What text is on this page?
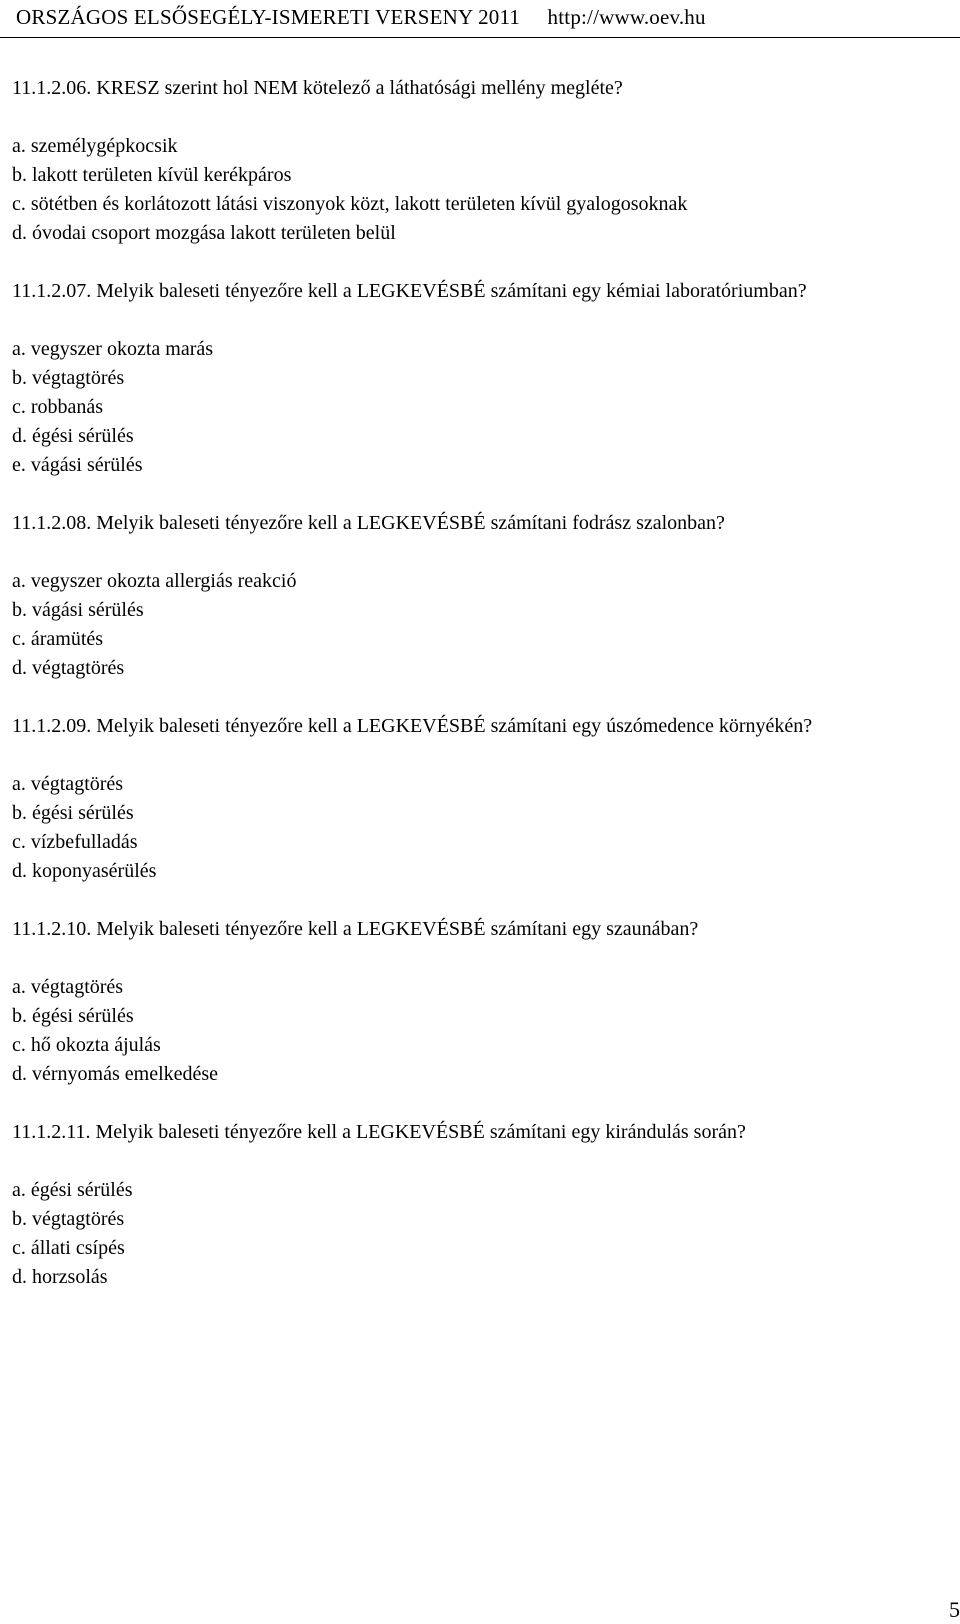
ORSZÁGOS ELSŐSEGÉLY-ISMERETI VERSENY 2011 http://www.oev.hu

11.1.2.06. KRESZ szerint hol NEM kötelező a láthatósági mellény megléte?

a. személygépkocsik
b. lakott területen kívül kerékpáros
c. sötétben és korlátozott látási viszonyok közt, lakott területen kívül gyalogosoknak
d. óvodai csoport mozgása lakott területen belül

11.1.2.07. Melyik baleseti tényezőre kell a LEGKEVÉSBÉ számítani egy kémiai laboratóriumban?

a. vegyszer okozta marás
b. végtagtörés
c. robbanás
d. égési sérülés
e. vágási sérülés

11.1.2.08. Melyik baleseti tényezőre kell a LEGKEVÉSBÉ számítani fodrász szalonban?

a. vegyszer okozta allergiás reakció
b. vágási sérülés
c. áramütés
d. végtagtörés

11.1.2.09. Melyik baleseti tényezőre kell a LEGKEVÉSBÉ számítani egy úszómedence környékén?

a. végtagtörés
b. égési sérülés
c. vízbefulladás
d. koponyasérülés

11.1.2.10. Melyik baleseti tényezőre kell a LEGKEVÉSBÉ számítani egy szaunában?

a. végtagtörés
b. égési sérülés
c. hő okozta ájulás
d. vérnyomás emelkedése

11.1.2.11. Melyik baleseti tényezőre kell a LEGKEVÉSBÉ számítani egy kirándulás során?

a. égési sérülés
b. végtagtörés
c. állati csípés
d. horzsolás
5
